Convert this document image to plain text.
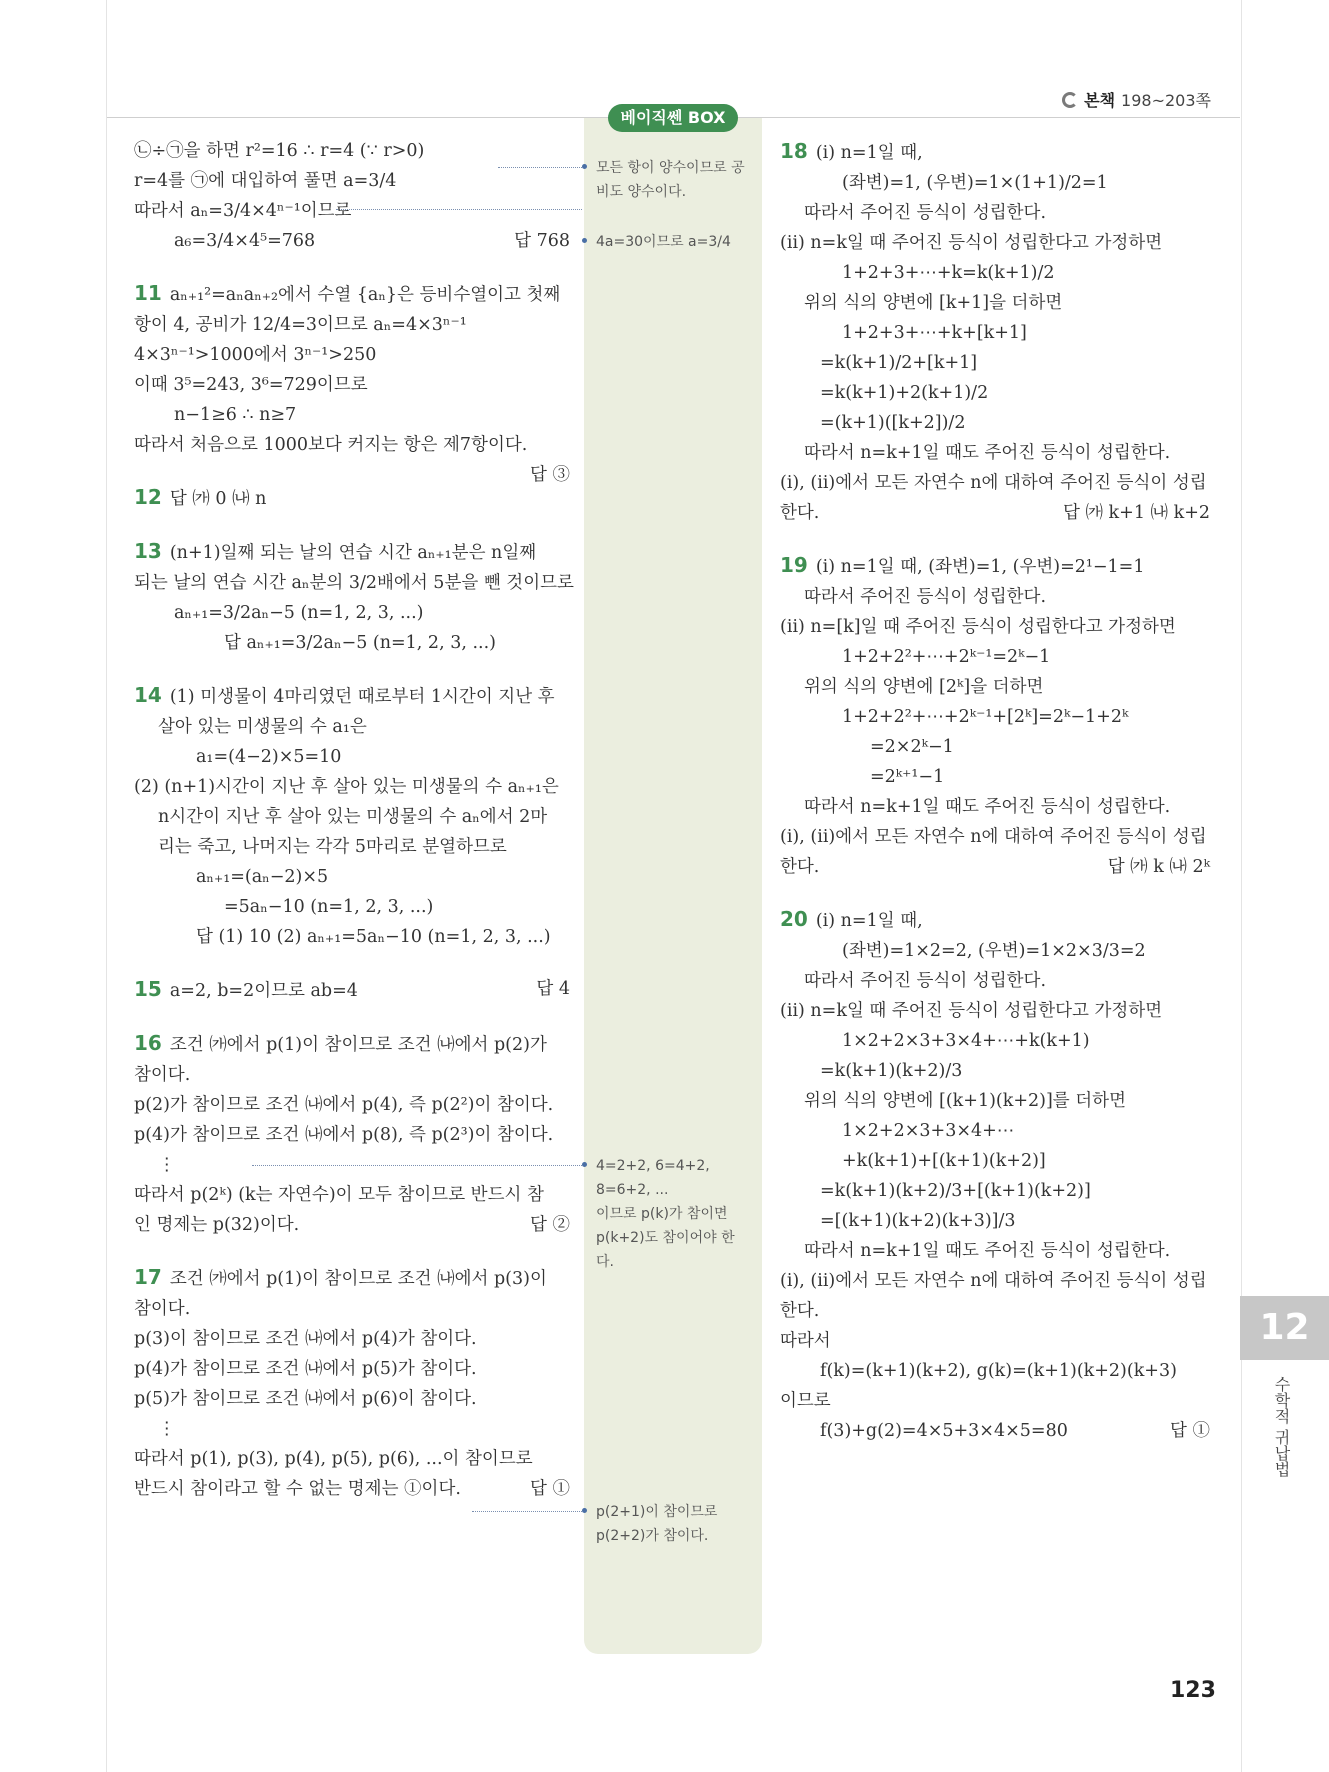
본책 198~203쪽
베이직쎈 BOX
모든 항이 양수이므로 공
비도 양수이다.
4a=30이므로 a=3/4
4=2+2, 6=4+2,
8=6+2, ...
이므로 p(k)가 참이면
p(k+2)도 참이어야 한
다.
p(2+1)이 참이므로
p(2+2)가 참이다.

㉡÷㉠을 하면 r²=16 ∴ r=4 (∵ r>0)

r=4를 ㉠에 대입하여 풀면 a=3/4

따라서 aₙ=3/4×4ⁿ⁻¹이므로

a₆=3/4×4⁵=768	답 768

11 aₙ₊₁²=aₙaₙ₊₂에서 수열 {aₙ}은 등비수열이고 첫째

항이 4, 공비가 12/4=3이므로 aₙ=4×3ⁿ⁻¹

4×3ⁿ⁻¹>1000에서 3ⁿ⁻¹>250

이때 3⁵=243, 3⁶=729이므로

n−1≥6 ∴ n≥7

따라서 처음으로 1000보다 커지는 항은 제7항이다.

답 ③

12 답 ㈎ 0 ㈏ n

13 (n+1)일째 되는 날의 연습 시간 aₙ₊₁분은 n일째

되는 날의 연습 시간 aₙ분의 3/2배에서 5분을 뺀 것이므로

aₙ₊₁=3/2aₙ−5 (n=1, 2, 3, ...)

답 aₙ₊₁=3/2aₙ−5 (n=1, 2, 3, ...)

14 (1) 미생물이 4마리였던 때로부터 1시간이 지난 후

살아 있는 미생물의 수 a₁은

a₁=(4−2)×5=10

(2) (n+1)시간이 지난 후 살아 있는 미생물의 수 aₙ₊₁은

n시간이 지난 후 살아 있는 미생물의 수 aₙ에서 2마

리는 죽고, 나머지는 각각 5마리로 분열하므로

aₙ₊₁=(aₙ−2)×5

=5aₙ−10 (n=1, 2, 3, ...)

답 (1) 10 (2) aₙ₊₁=5aₙ−10 (n=1, 2, 3, ...)

15 a=2, b=2이므로 ab=4	답 4

16 조건 ㈎에서 p(1)이 참이므로 조건 ㈏에서 p(2)가

참이다.

p(2)가 참이므로 조건 ㈏에서 p(4), 즉 p(2²)이 참이다.

p(4)가 참이므로 조건 ㈏에서 p(8), 즉 p(2³)이 참이다.

⋮

따라서 p(2ᵏ) (k는 자연수)이 모두 참이므로 반드시 참

인 명제는 p(32)이다.	답 ②

17 조건 ㈎에서 p(1)이 참이므로 조건 ㈏에서 p(3)이

참이다.

p(3)이 참이므로 조건 ㈏에서 p(4)가 참이다.

p(4)가 참이므로 조건 ㈏에서 p(5)가 참이다.

p(5)가 참이므로 조건 ㈏에서 p(6)이 참이다.

⋮

따라서 p(1), p(3), p(4), p(5), p(6), ...이 참이므로

반드시 참이라고 할 수 없는 명제는 ①이다.	답 ①

18 (ⅰ) n=1일 때,

(좌변)=1, (우변)=1×(1+1)/2=1

따라서 주어진 등식이 성립한다.

(ⅱ) n=k일 때 주어진 등식이 성립한다고 가정하면

1+2+3+⋯+k=k(k+1)/2

위의 식의 양변에 [k+1]을 더하면

1+2+3+⋯+k+[k+1]

=k(k+1)/2+[k+1]

=k(k+1)+2(k+1)/2

=(k+1)([k+2])/2

따라서 n=k+1일 때도 주어진 등식이 성립한다.

(ⅰ), (ⅱ)에서 모든 자연수 n에 대하여 주어진 등식이 성립

한다.	답 ㈎ k+1 ㈏ k+2

19 (ⅰ) n=1일 때, (좌변)=1, (우변)=2¹−1=1

따라서 주어진 등식이 성립한다.

(ⅱ) n=[k]일 때 주어진 등식이 성립한다고 가정하면

1+2+2²+⋯+2ᵏ⁻¹=2ᵏ−1

위의 식의 양변에 [2ᵏ]을 더하면

1+2+2²+⋯+2ᵏ⁻¹+[2ᵏ]=2ᵏ−1+2ᵏ

=2×2ᵏ−1

=2ᵏ⁺¹−1

따라서 n=k+1일 때도 주어진 등식이 성립한다.

(ⅰ), (ⅱ)에서 모든 자연수 n에 대하여 주어진 등식이 성립

한다.	답 ㈎ k ㈏ 2ᵏ

20 (ⅰ) n=1일 때,

(좌변)=1×2=2, (우변)=1×2×3/3=2

따라서 주어진 등식이 성립한다.

(ⅱ) n=k일 때 주어진 등식이 성립한다고 가정하면

1×2+2×3+3×4+⋯+k(k+1)

=k(k+1)(k+2)/3

위의 식의 양변에 [(k+1)(k+2)]를 더하면

1×2+2×3+3×4+⋯

+k(k+1)+[(k+1)(k+2)]

=k(k+1)(k+2)/3+[(k+1)(k+2)]

=[(k+1)(k+2)(k+3)]/3

따라서 n=k+1일 때도 주어진 등식이 성립한다.

(ⅰ), (ⅱ)에서 모든 자연수 n에 대하여 주어진 등식이 성립

한다.

따라서

f(k)=(k+1)(k+2), g(k)=(k+1)(k+2)(k+3)

이므로

f(3)+g(2)=4×5+3×4×5=80	답 ①

12
수학적 귀납법
123
